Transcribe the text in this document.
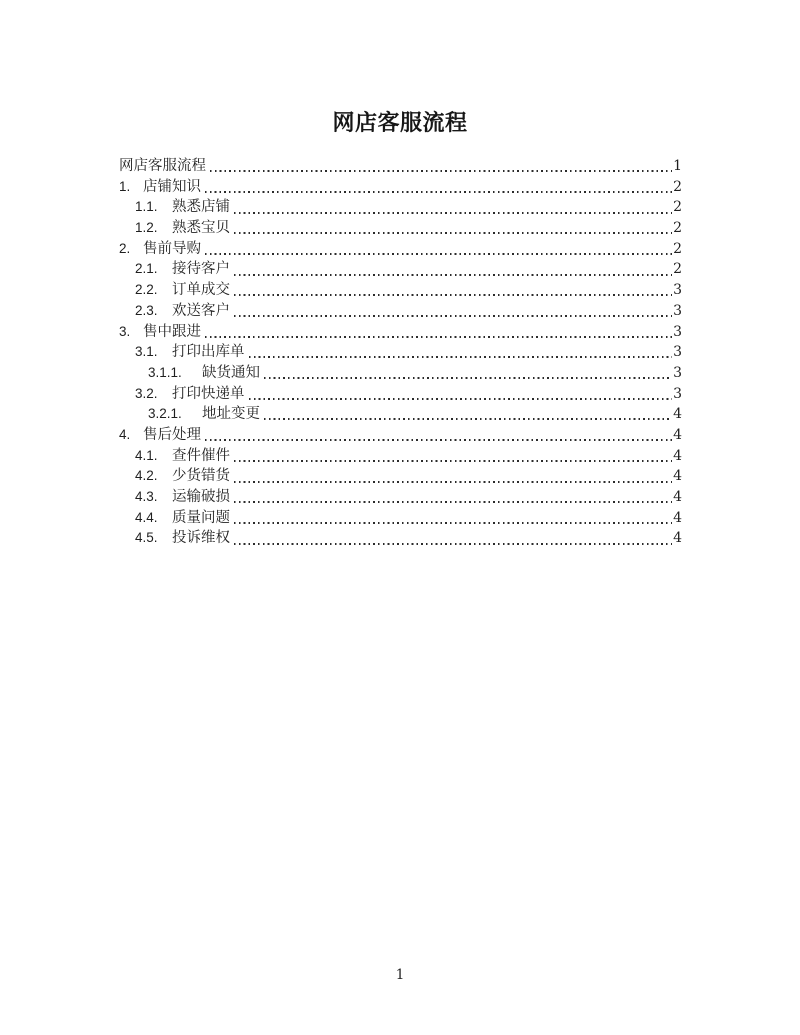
网店客服流程
网店客服流程	1
1. 店铺知识	2
1.1. 熟悉店铺	2
1.2. 熟悉宝贝	2
2. 售前导购	2
2.1. 接待客户	2
2.2. 订单成交	3
2.3. 欢送客户	3
3. 售中跟进	3
3.1. 打印出库单	3
3.1.1.	缺货通知	3
3.2. 打印快递单	3
3.2.1.	地址变更	4
4. 售后处理	4
4.1. 查件催件	4
4.2. 少货错货	4
4.3. 运输破损	4
4.4. 质量问题	4
4.5. 投诉维权	4
1
